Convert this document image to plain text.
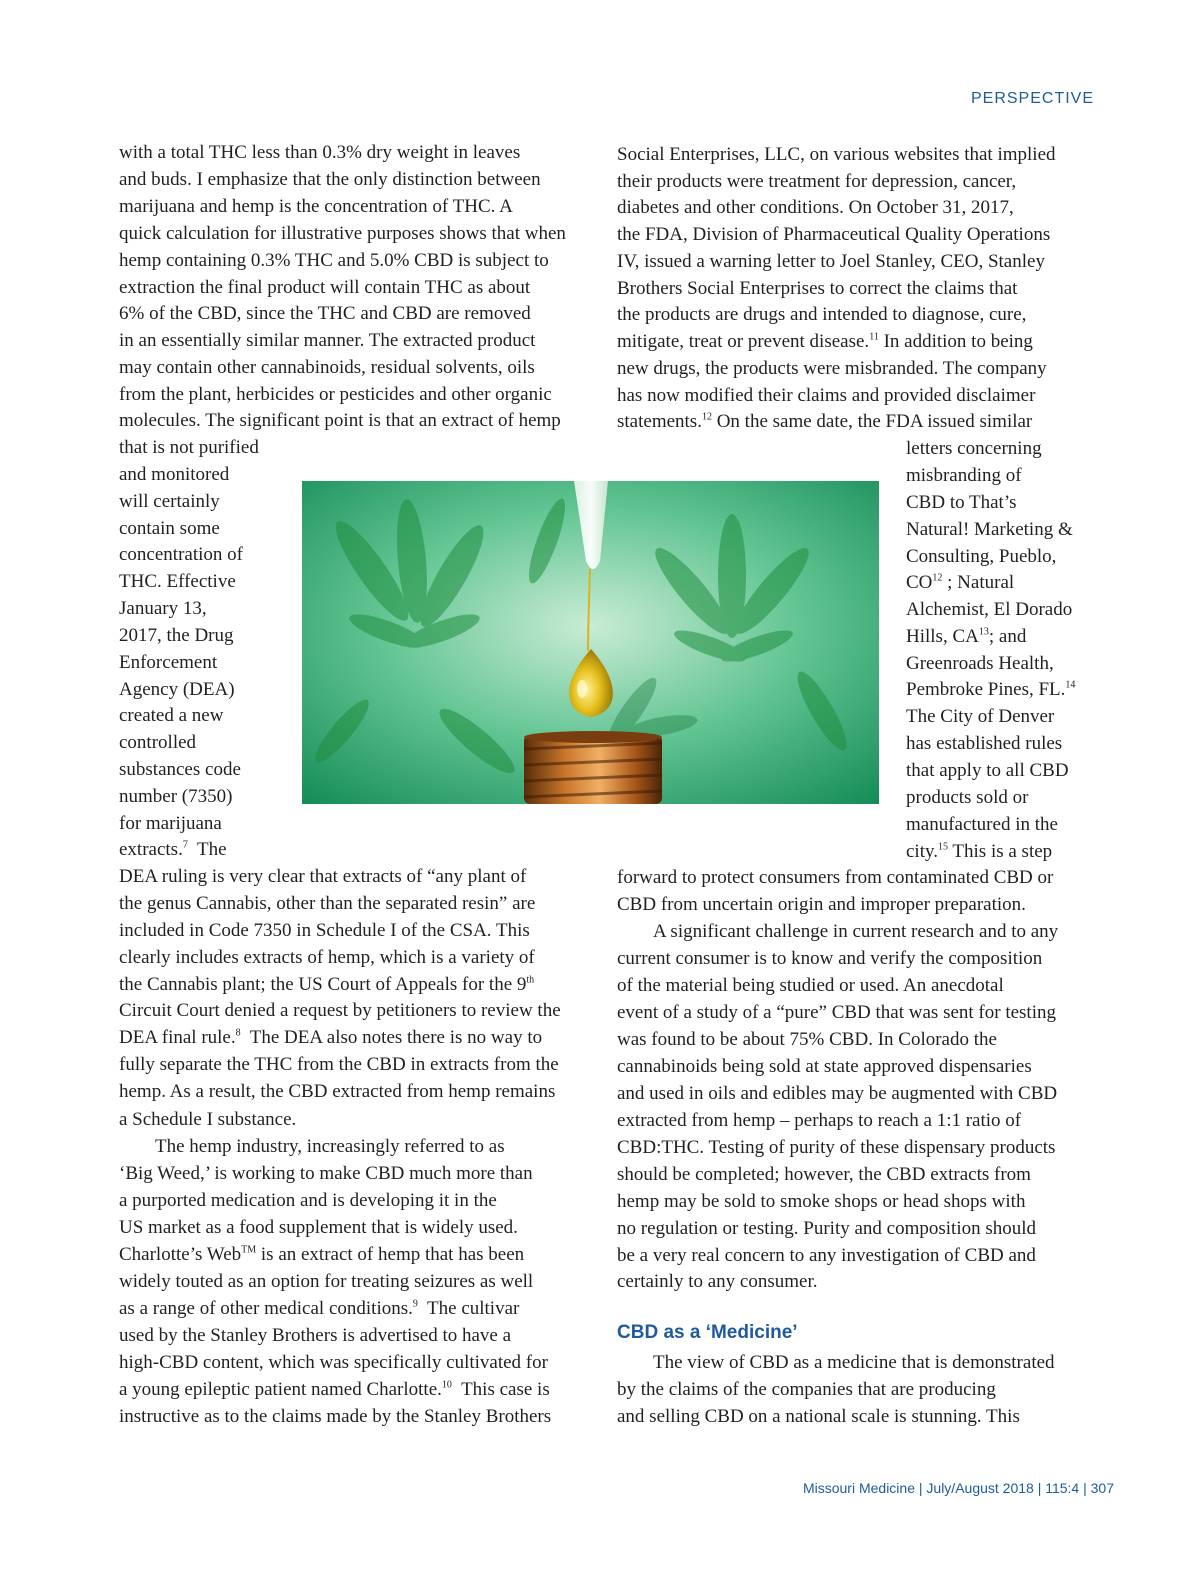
PERSPECTIVE
with a total THC less than 0.3% dry weight in leaves
and buds. I emphasize that the only distinction between
marijuana and hemp is the concentration of THC. A
quick calculation for illustrative purposes shows that when
hemp containing 0.3% THC and 5.0% CBD is subject to
extraction the final product will contain THC as about
6% of the CBD, since the THC and CBD are removed
in an essentially similar manner. The extracted product
may contain other cannabinoids, residual solvents, oils
from the plant, herbicides or pesticides and other organic
molecules. The significant point is that an extract of hemp
that is not purified
and monitored
will certainly
contain some
concentration of
THC. Effective
January 13,
2017, the Drug
Enforcement
Agency (DEA)
created a new
controlled
substances code
number (7350)
for marijuana
extracts.$^7$  The
DEA ruling is very clear that extracts of “any plant of
the genus Cannabis, other than the separated resin” are
included in Code 7350 in Schedule I of the CSA. This
clearly includes extracts of hemp, which is a variety of
the Cannabis plant; the US Court of Appeals for the 9th
Circuit Court denied a request by petitioners to review the
DEA final rule.$^8$  The DEA also notes there is no way to
fully separate the THC from the CBD in extracts from the
hemp. As a result, the CBD extracted from hemp remains
a Schedule I substance.
The hemp industry, increasingly referred to as
‘Big Weed,’ is working to make CBD much more than
a purported medication and is developing it in the
US market as a food supplement that is widely used.
Charlotte’s Web™ is an extract of hemp that has been
widely touted as an option for treating seizures as well
as a range of other medical conditions.$^9$  The cultivar
used by the Stanley Brothers is advertised to have a
high-CBD content, which was specifically cultivated for
a young epileptic patient named Charlotte.$^{10}$  This case is
instructive as to the claims made by the Stanley Brothers
Social Enterprises, LLC, on various websites that implied
their products were treatment for depression, cancer,
diabetes and other conditions. On October 31, 2017,
the FDA, Division of Pharmaceutical Quality Operations
IV, issued a warning letter to Joel Stanley, CEO, Stanley
Brothers Social Enterprises to correct the claims that
the products are drugs and intended to diagnose, cure,
mitigate, treat or prevent disease.$^{11}$ In addition to being
new drugs, the products were misbranded. The company
has now modified their claims and provided disclaimer
statements.$^{12}$ On the same date, the FDA issued similar
letters concerning
misbranding of
CBD to That’s
Natural! Marketing &
Consulting, Pueblo,
CO$^{12}$ ; Natural
Alchemist, El Dorado
Hills, CA$^{13}$; and
Greenroads Health,
Pembroke Pines, FL.$^{14}$
The City of Denver
has established rules
that apply to all CBD
products sold or
manufactured in the
city.$^{15}$ This is a step
forward to protect consumers from contaminated CBD or
CBD from uncertain origin and improper preparation.
A significant challenge in current research and to any
current consumer is to know and verify the composition
of the material being studied or used. An anecdotal
event of a study of a “pure” CBD that was sent for testing
was found to be about 75% CBD. In Colorado the
cannabinoids being sold at state approved dispensaries
and used in oils and edibles may be augmented with CBD
extracted from hemp – perhaps to reach a 1:1 ratio of
CBD:THC. Testing of purity of these dispensary products
should be completed; however, the CBD extracts from
hemp may be sold to smoke shops or head shops with
no regulation or testing. Purity and composition should
be a very real concern to any investigation of CBD and
certainly to any consumer.
CBD as a ‘Medicine’
The view of CBD as a medicine that is demonstrated
by the claims of the companies that are producing
and selling CBD on a national scale is stunning. This
Missouri Medicine | July/August 2018 | 115:4 | 307
